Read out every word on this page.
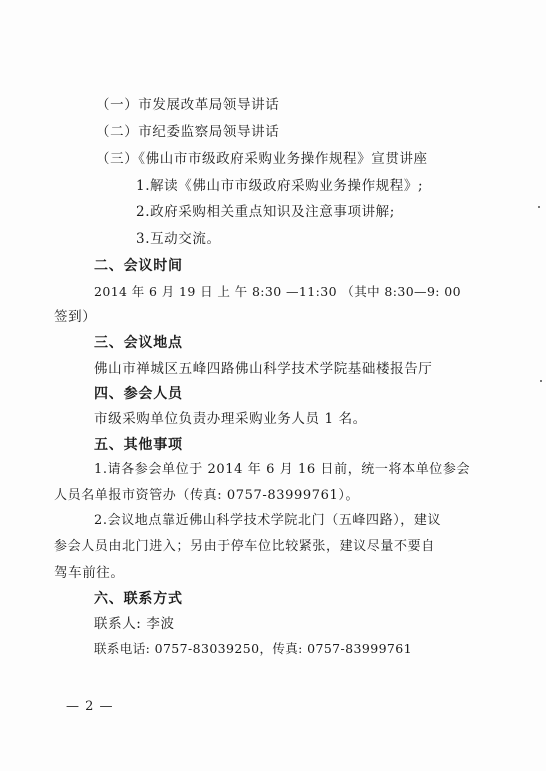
（一）市发展改革局领导讲话
（二）市纪委监察局领导讲话
（三）《佛山市市级政府采购业务操作规程》宣贯讲座
1.解读《佛山市市级政府采购业务操作规程》;
2.政府采购相关重点知识及注意事项讲解;
3.互动交流。
二、会议时间
2014 年 6 月 19 日 上 午 8:30 —11:30 （其中 8:30—9: 00
签到）
三、会议地点
佛山市禅城区五峰四路佛山科学技术学院基础楼报告厅
四、参会人员
市级采购单位负责办理采购业务人员 1 名。
五、其他事项
1.请各参会单位于 2014 年 6 月 16 日前，统一将本单位参会
人员名单报市资管办（传真: 0757-83999761）。
2.会议地点靠近佛山科学技术学院北门（五峰四路），建议
参会人员由北门进入；另由于停车位比较紧张，建议尽量不要自
驾车前往。
六、联系方式
联系人: 李波
联系电话: 0757-83039250，传真: 0757-83999761
— 2 —
